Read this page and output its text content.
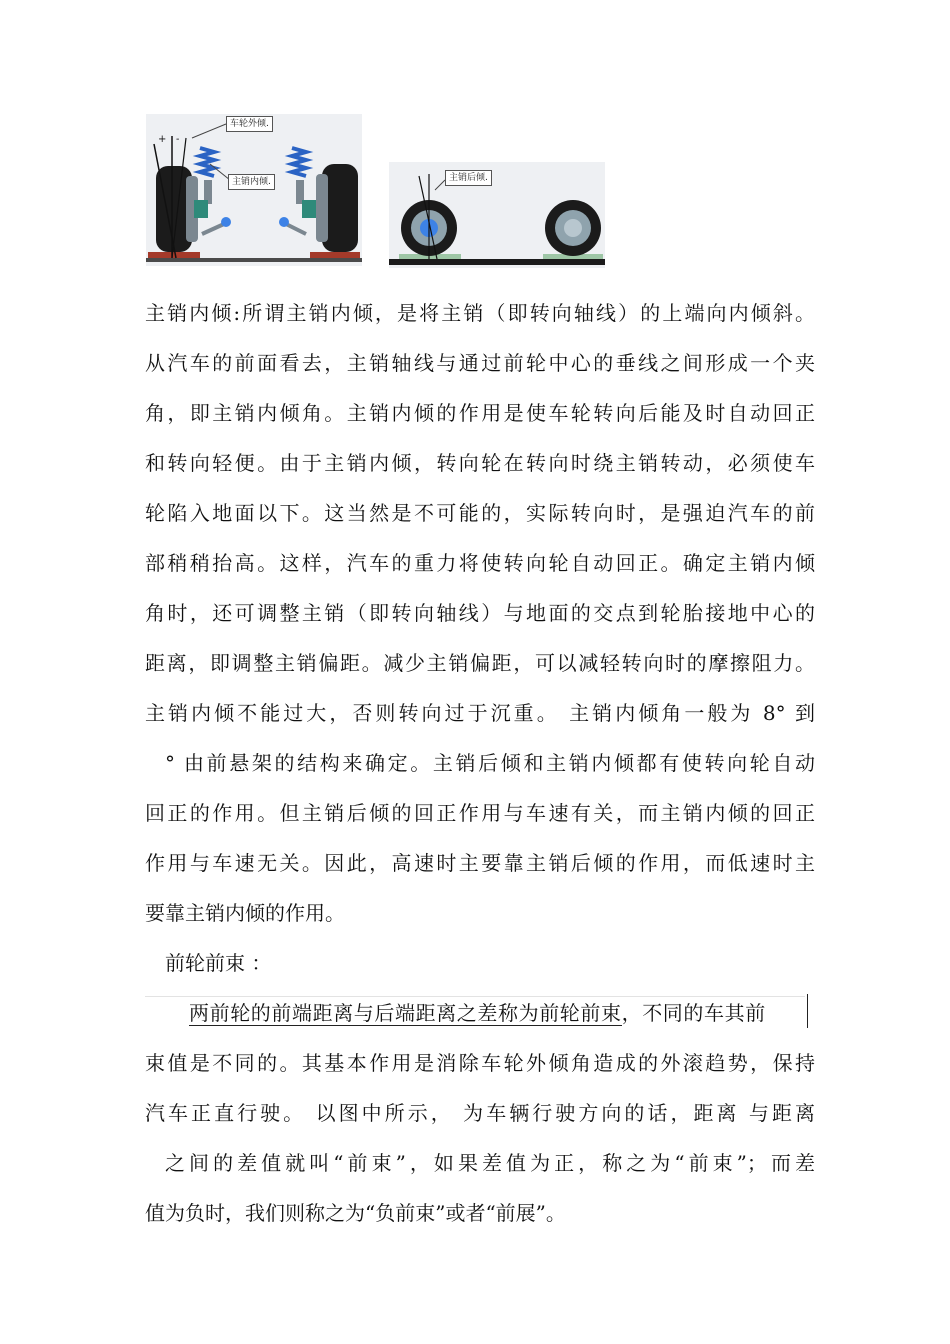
车轮外倾.
主销内倾.
+ -
主销后倾.
主销内倾:所谓主销内倾，是将主销（即转向轴线）的上端向内倾斜。
从汽车的前面看去，主销轴线与通过前轮中心的垂线之间形成一个夹
角，即主销内倾角。主销内倾的作用是使车轮转向后能及时自动回正
和转向轻便。由于主销内倾，转向轮在转向时绕主销转动，必须使车
轮陷入地面以下。这当然是不可能的，实际转向时，是强迫汽车的前
部稍稍抬高。这样，汽车的重力将使转向轮自动回正。确定主销内倾
角时，还可调整主销（即转向轴线）与地面的交点到轮胎接地中心的
距离，即调整主销偏距。减少主销偏距，可以减轻转向时的摩擦阻力。
主销内倾不能过大，否则转向过于沉重。 主销内倾角一般为 8° 到
° 由前悬架的结构来确定。主销后倾和主销内倾都有使转向轮自动
回正的作用。但主销后倾的回正作用与车速有关，而主销内倾的回正
作用与车速无关。因此，高速时主要靠主销后倾的作用，而低速时主
要靠主销内倾的作用。
前轮前束 ：
两前轮的前端距离与后端距离之差称为前轮前束，不同的车其前
束值是不同的。其基本作用是消除车轮外倾角造成的外滚趋势，保持
汽车正直行驶。 以图中所示， 为车辆行驶方向的话，距离 与距离
之间的差值就叫“前束”，如果差值为正，称之为“前束”；而差
值为负时，我们则称之为“负前束”或者“前展”。
